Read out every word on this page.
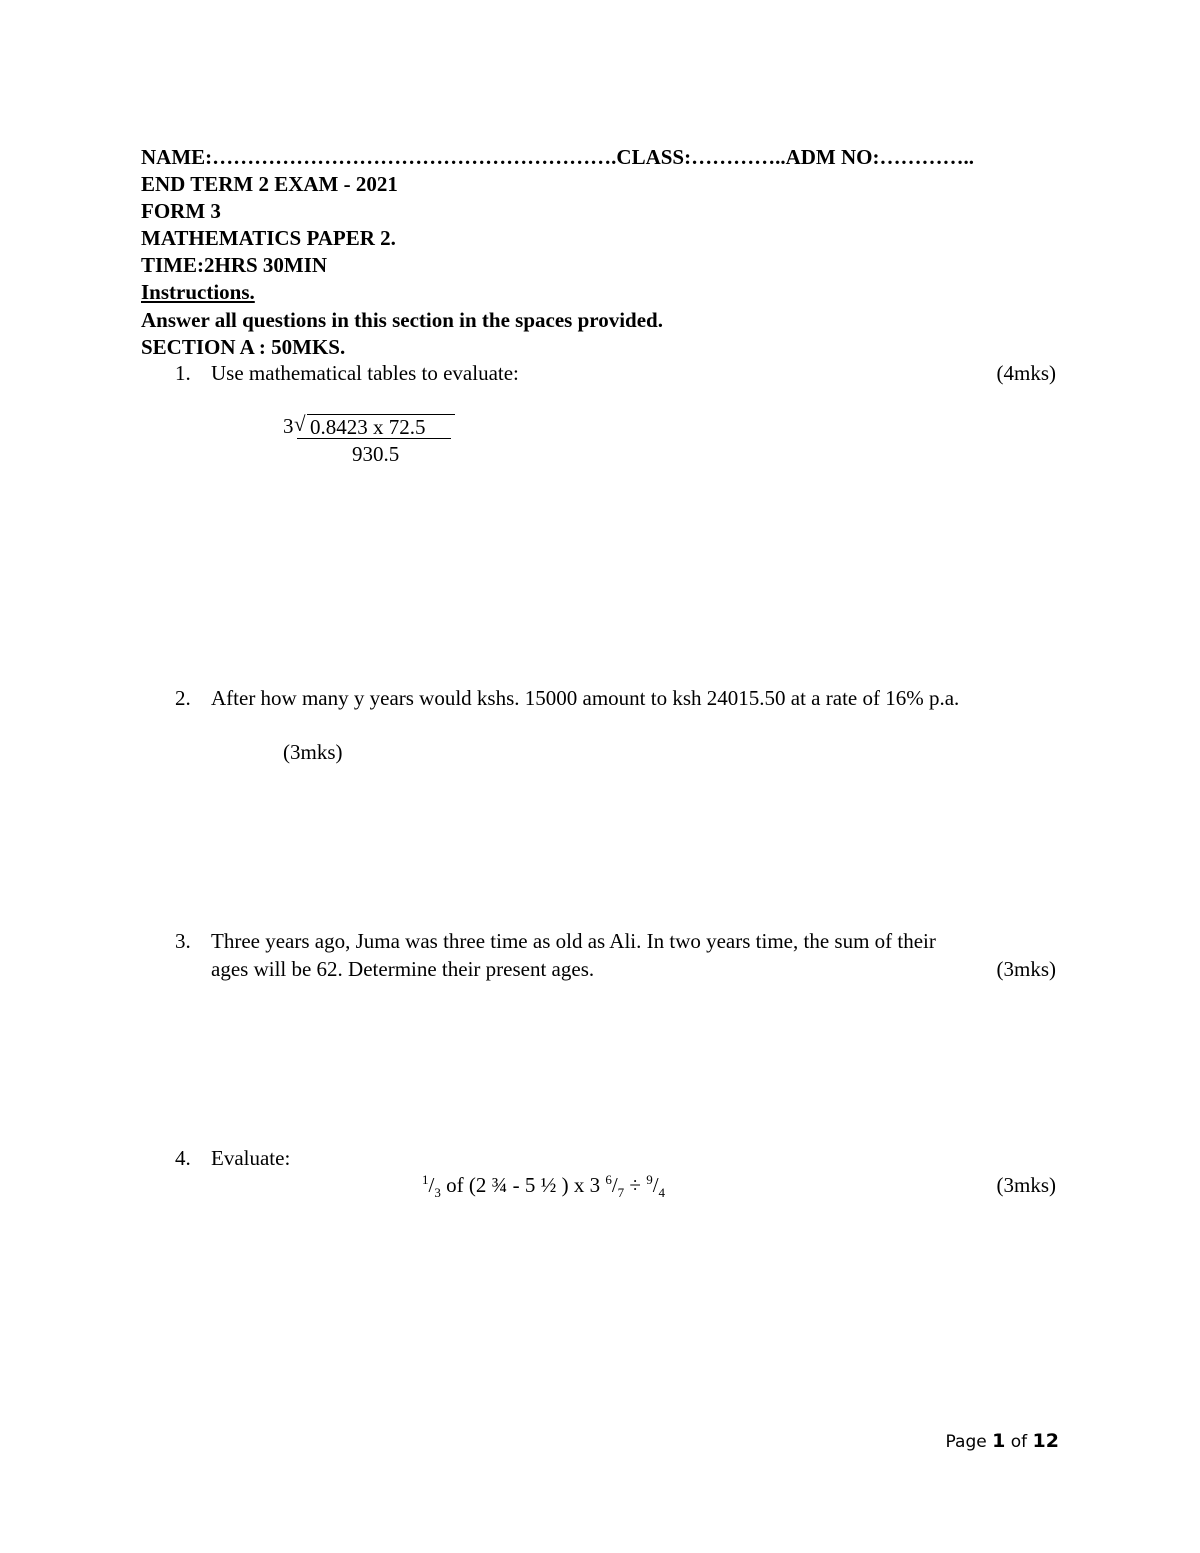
NAME:………………………………………………….CLASS:…………..ADM NO:…………..
END TERM 2 EXAM - 2021
FORM 3
MATHEMATICS PAPER 2.
TIME:2HRS 30MIN
Instructions.
Answer all questions in this section in the spaces provided.
SECTION A : 50MKS.
1. Use mathematical tables to evaluate:	(4mks)
3 √ 0.8423 x 72.5
930.5
2. After how many y years would kshs. 15000 amount to ksh 24015.50 at a rate of 16% p.a.
(3mks)
3. Three years ago, Juma was three time as old as Ali. In two years time, the sum of their
ages will be 62. Determine their present ages.	(3mks)
4. Evaluate:
$^1/_3$ of (2 ¾ - 5 ½ ) x 3 $^6/_7 \div ^9/_4$	(3mks)
Page 1 of 12
